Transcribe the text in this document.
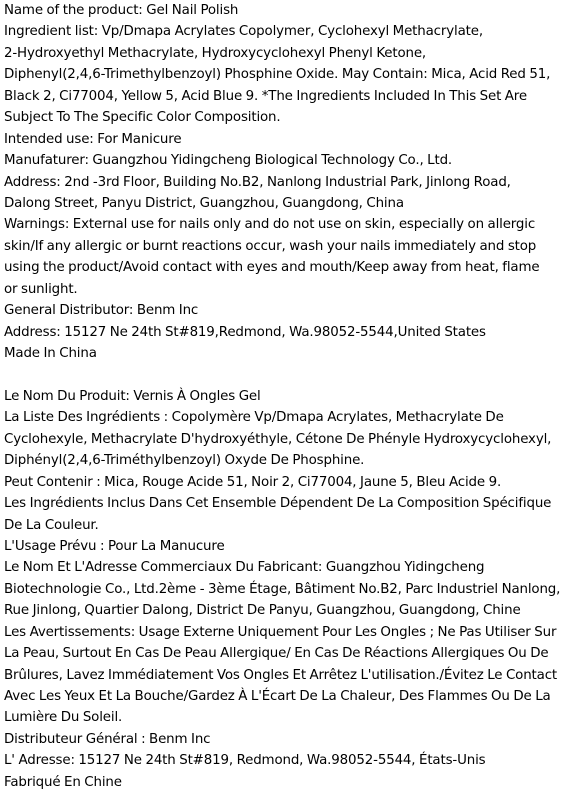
Name of the product: Gel Nail Polish
Ingredient list: Vp/Dmapa Acrylates Copolymer, Cyclohexyl Methacrylate,
2-Hydroxyethyl Methacrylate, Hydroxycyclohexyl Phenyl Ketone,
Diphenyl(2,4,6-Trimethylbenzoyl) Phosphine Oxide. May Contain: Mica, Acid Red 51,
Black 2, Ci77004, Yellow 5, Acid Blue 9. *The Ingredients Included In This Set Are
Subject To The Specific Color Composition.
Intended use: For Manicure
Manufaturer: Guangzhou Yidingcheng Biological Technology Co., Ltd.
Address: 2nd -3rd Floor, Building No.B2, Nanlong Industrial Park, Jinlong Road,
Dalong Street, Panyu District, Guangzhou, Guangdong, China
Warnings: External use for nails only and do not use on skin, especially on allergic
skin/If any allergic or burnt reactions occur, wash your nails immediately and stop
using the product/Avoid contact with eyes and mouth/Keep away from heat, flame
or sunlight.
General Distributor: Benm Inc
Address: 15127 Ne 24th St#819,Redmond, Wa.98052-5544,United States
Made In China
Le Nom Du Produit: Vernis À Ongles Gel
La Liste Des Ingrédients : Copolymère Vp/Dmapa Acrylates, Methacrylate De
Cyclohexyle, Methacrylate D'hydroxyéthyle, Cétone De Phényle Hydroxycyclohexyl,
Diphényl(2,4,6-Triméthylbenzoyl) Oxyde De Phosphine.
Peut Contenir : Mica, Rouge Acide 51, Noir 2, Ci77004, Jaune 5, Bleu Acide 9.
Les Ingrédients Inclus Dans Cet Ensemble Dépendent De La Composition Spécifique
De La Couleur.
L'Usage Prévu : Pour La Manucure
Le Nom Et L'Adresse Commerciaux Du Fabricant: Guangzhou Yidingcheng
Biotechnologie Co., Ltd.2ème - 3ème Étage, Bâtiment No.B2, Parc Industriel Nanlong,
Rue Jinlong, Quartier Dalong, District De Panyu, Guangzhou, Guangdong, Chine
Les Avertissements: Usage Externe Uniquement Pour Les Ongles ; Ne Pas Utiliser Sur
La Peau, Surtout En Cas De Peau Allergique/ En Cas De Réactions Allergiques Ou De
Brûlures, Lavez Immédiatement Vos Ongles Et Arrêtez L'utilisation./Évitez Le Contact
Avec Les Yeux Et La Bouche/Gardez À L'Écart De La Chaleur, Des Flammes Ou De La
Lumière Du Soleil.
Distributeur Général : Benm Inc
L' Adresse: 15127 Ne 24th St#819, Redmond, Wa.98052-5544, États-Unis
Fabriqué En Chine
